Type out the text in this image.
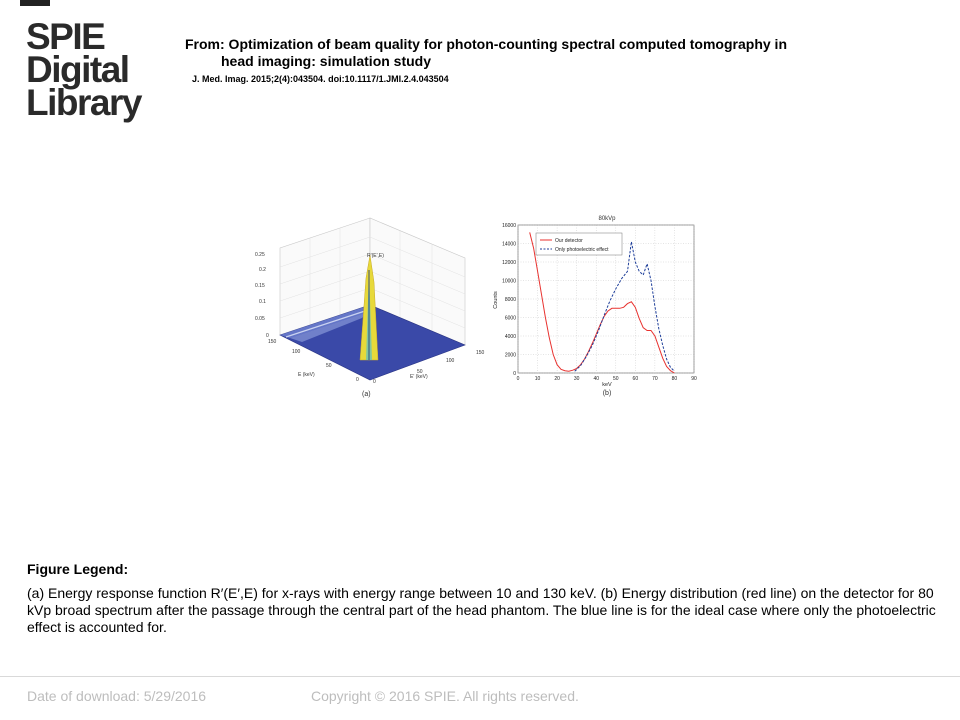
SPIE
Digital
Library
From: Optimization of beam quality for photon-counting spectral computed tomography in
head imaging: simulation study
J. Med. Imag. 2015;2(4):043504. doi:10.1117/1.JMI.2.4.043504
0.25
0.2
0.15
0.1
0.05
0
R'(E',E)
150
100
50
0
E (keV)
0
50
100
150
E' (keV)
(a)
80kVp
0	10	20	30	40	50	60	70	80	90
0
2000
4000
6000
8000
10000
12000
14000
16000
Our detector
Only photoelectric effect
Counts
keV
(b)
Figure Legend:
(a) Energy response function R′(E′,E) for x-rays with energy range between 10 and 130 keV. (b) Energy distribution (red line) on the detector for 80 kVp broad spectrum after the passage through the central part of the head phantom. The blue line is for the ideal case where only the photoelectric effect is accounted for.
Date of download: 5/29/2016	Copyright © 2016 SPIE. All rights reserved.
